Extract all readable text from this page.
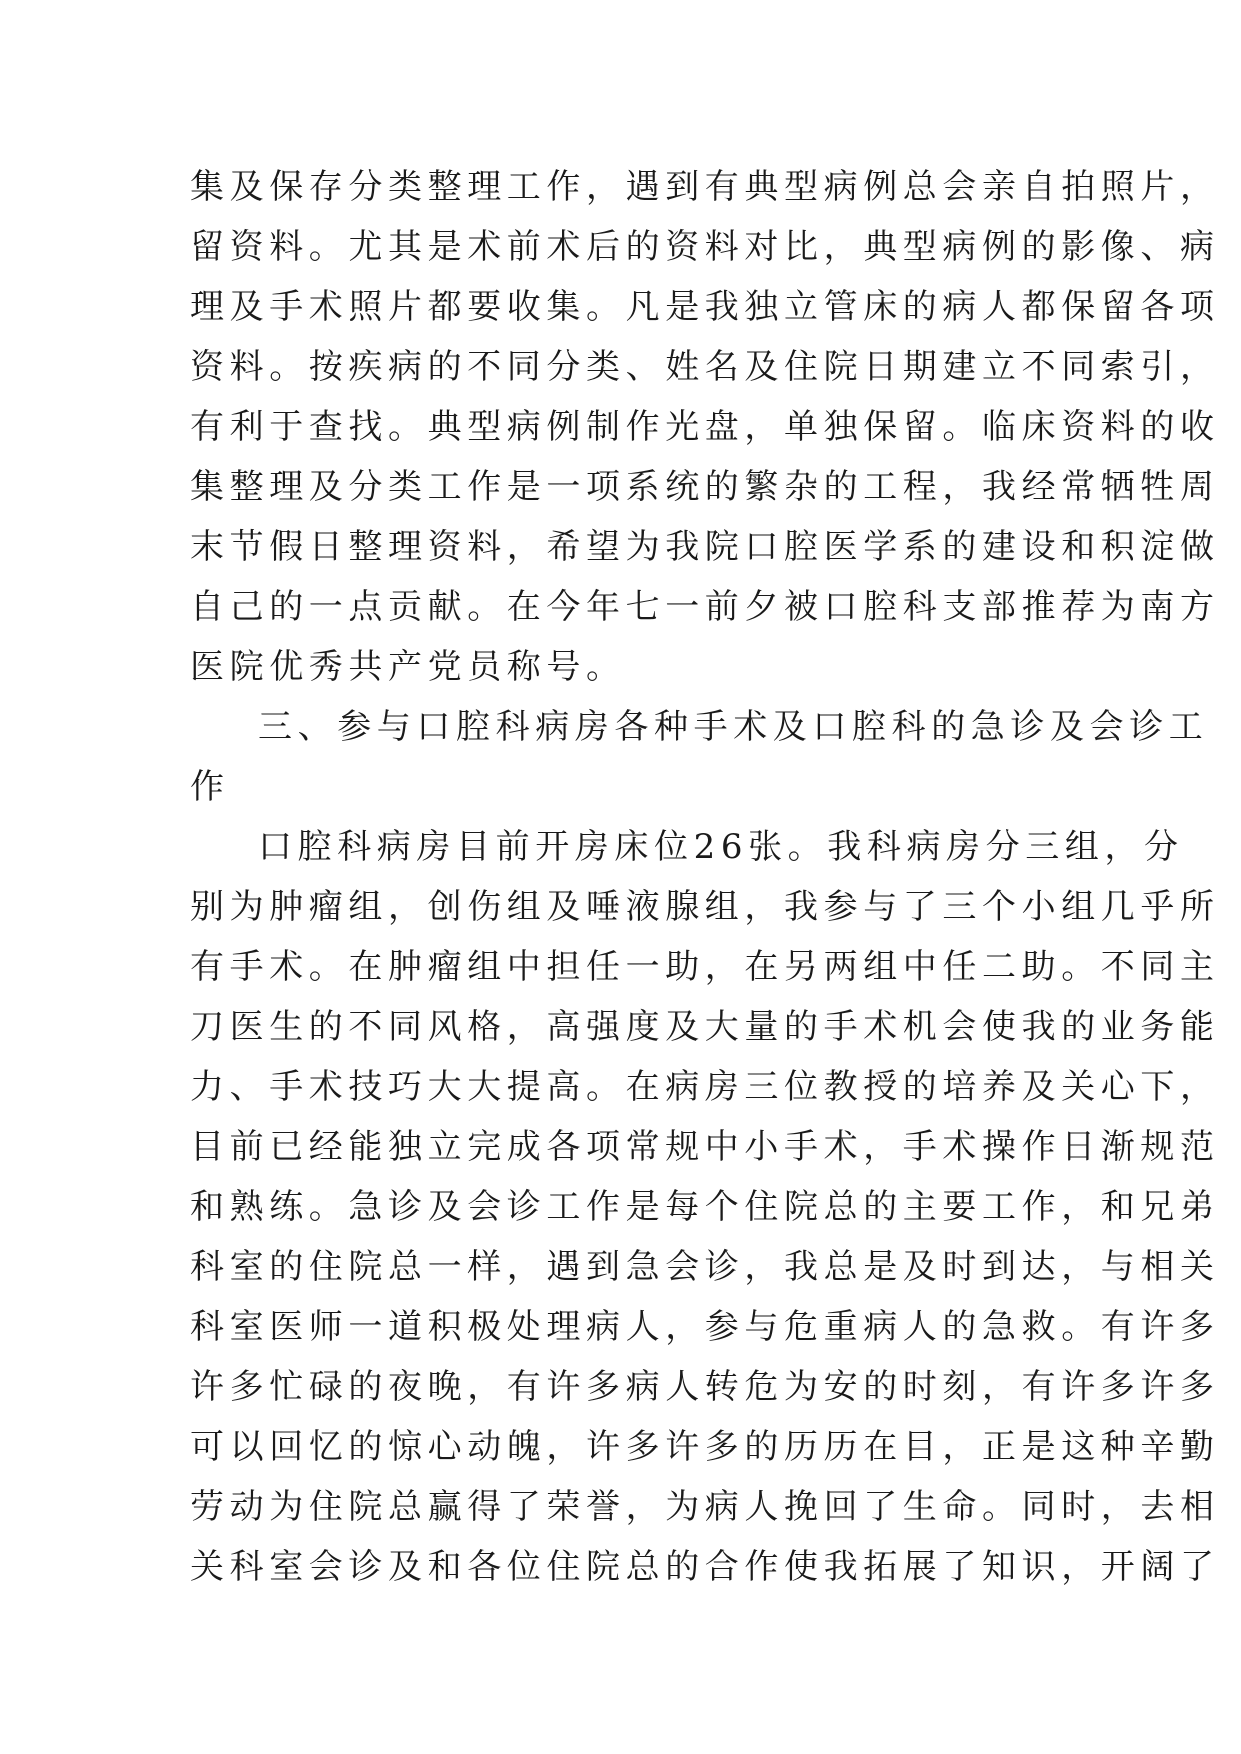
集及保存分类整理工作，遇到有典型病例总会亲自拍照片，
留资料。尤其是术前术后的资料对比，典型病例的影像、病
理及手术照片都要收集。凡是我独立管床的病人都保留各项
资料。按疾病的不同分类、姓名及住院日期建立不同索引，
有利于查找。典型病例制作光盘，单独保留。临床资料的收
集整理及分类工作是一项系统的繁杂的工程，我经常牺牲周
末节假日整理资料，希望为我院口腔医学系的建设和积淀做
自己的一点贡献。在今年七一前夕被口腔科支部推荐为南方
医院优秀共产党员称号。
三、参与口腔科病房各种手术及口腔科的急诊及会诊工
作
口腔科病房目前开房床位26张。我科病房分三组，分
别为肿瘤组，创伤组及唾液腺组，我参与了三个小组几乎所
有手术。在肿瘤组中担任一助，在另两组中任二助。不同主
刀医生的不同风格，高强度及大量的手术机会使我的业务能
力、手术技巧大大提高。在病房三位教授的培养及关心下，
目前已经能独立完成各项常规中小手术，手术操作日渐规范
和熟练。急诊及会诊工作是每个住院总的主要工作，和兄弟
科室的住院总一样，遇到急会诊，我总是及时到达，与相关
科室医师一道积极处理病人，参与危重病人的急救。有许多
许多忙碌的夜晚，有许多病人转危为安的时刻，有许多许多
可以回忆的惊心动魄，许多许多的历历在目，正是这种辛勤
劳动为住院总赢得了荣誉，为病人挽回了生命。同时，去相
关科室会诊及和各位住院总的合作使我拓展了知识，开阔了
